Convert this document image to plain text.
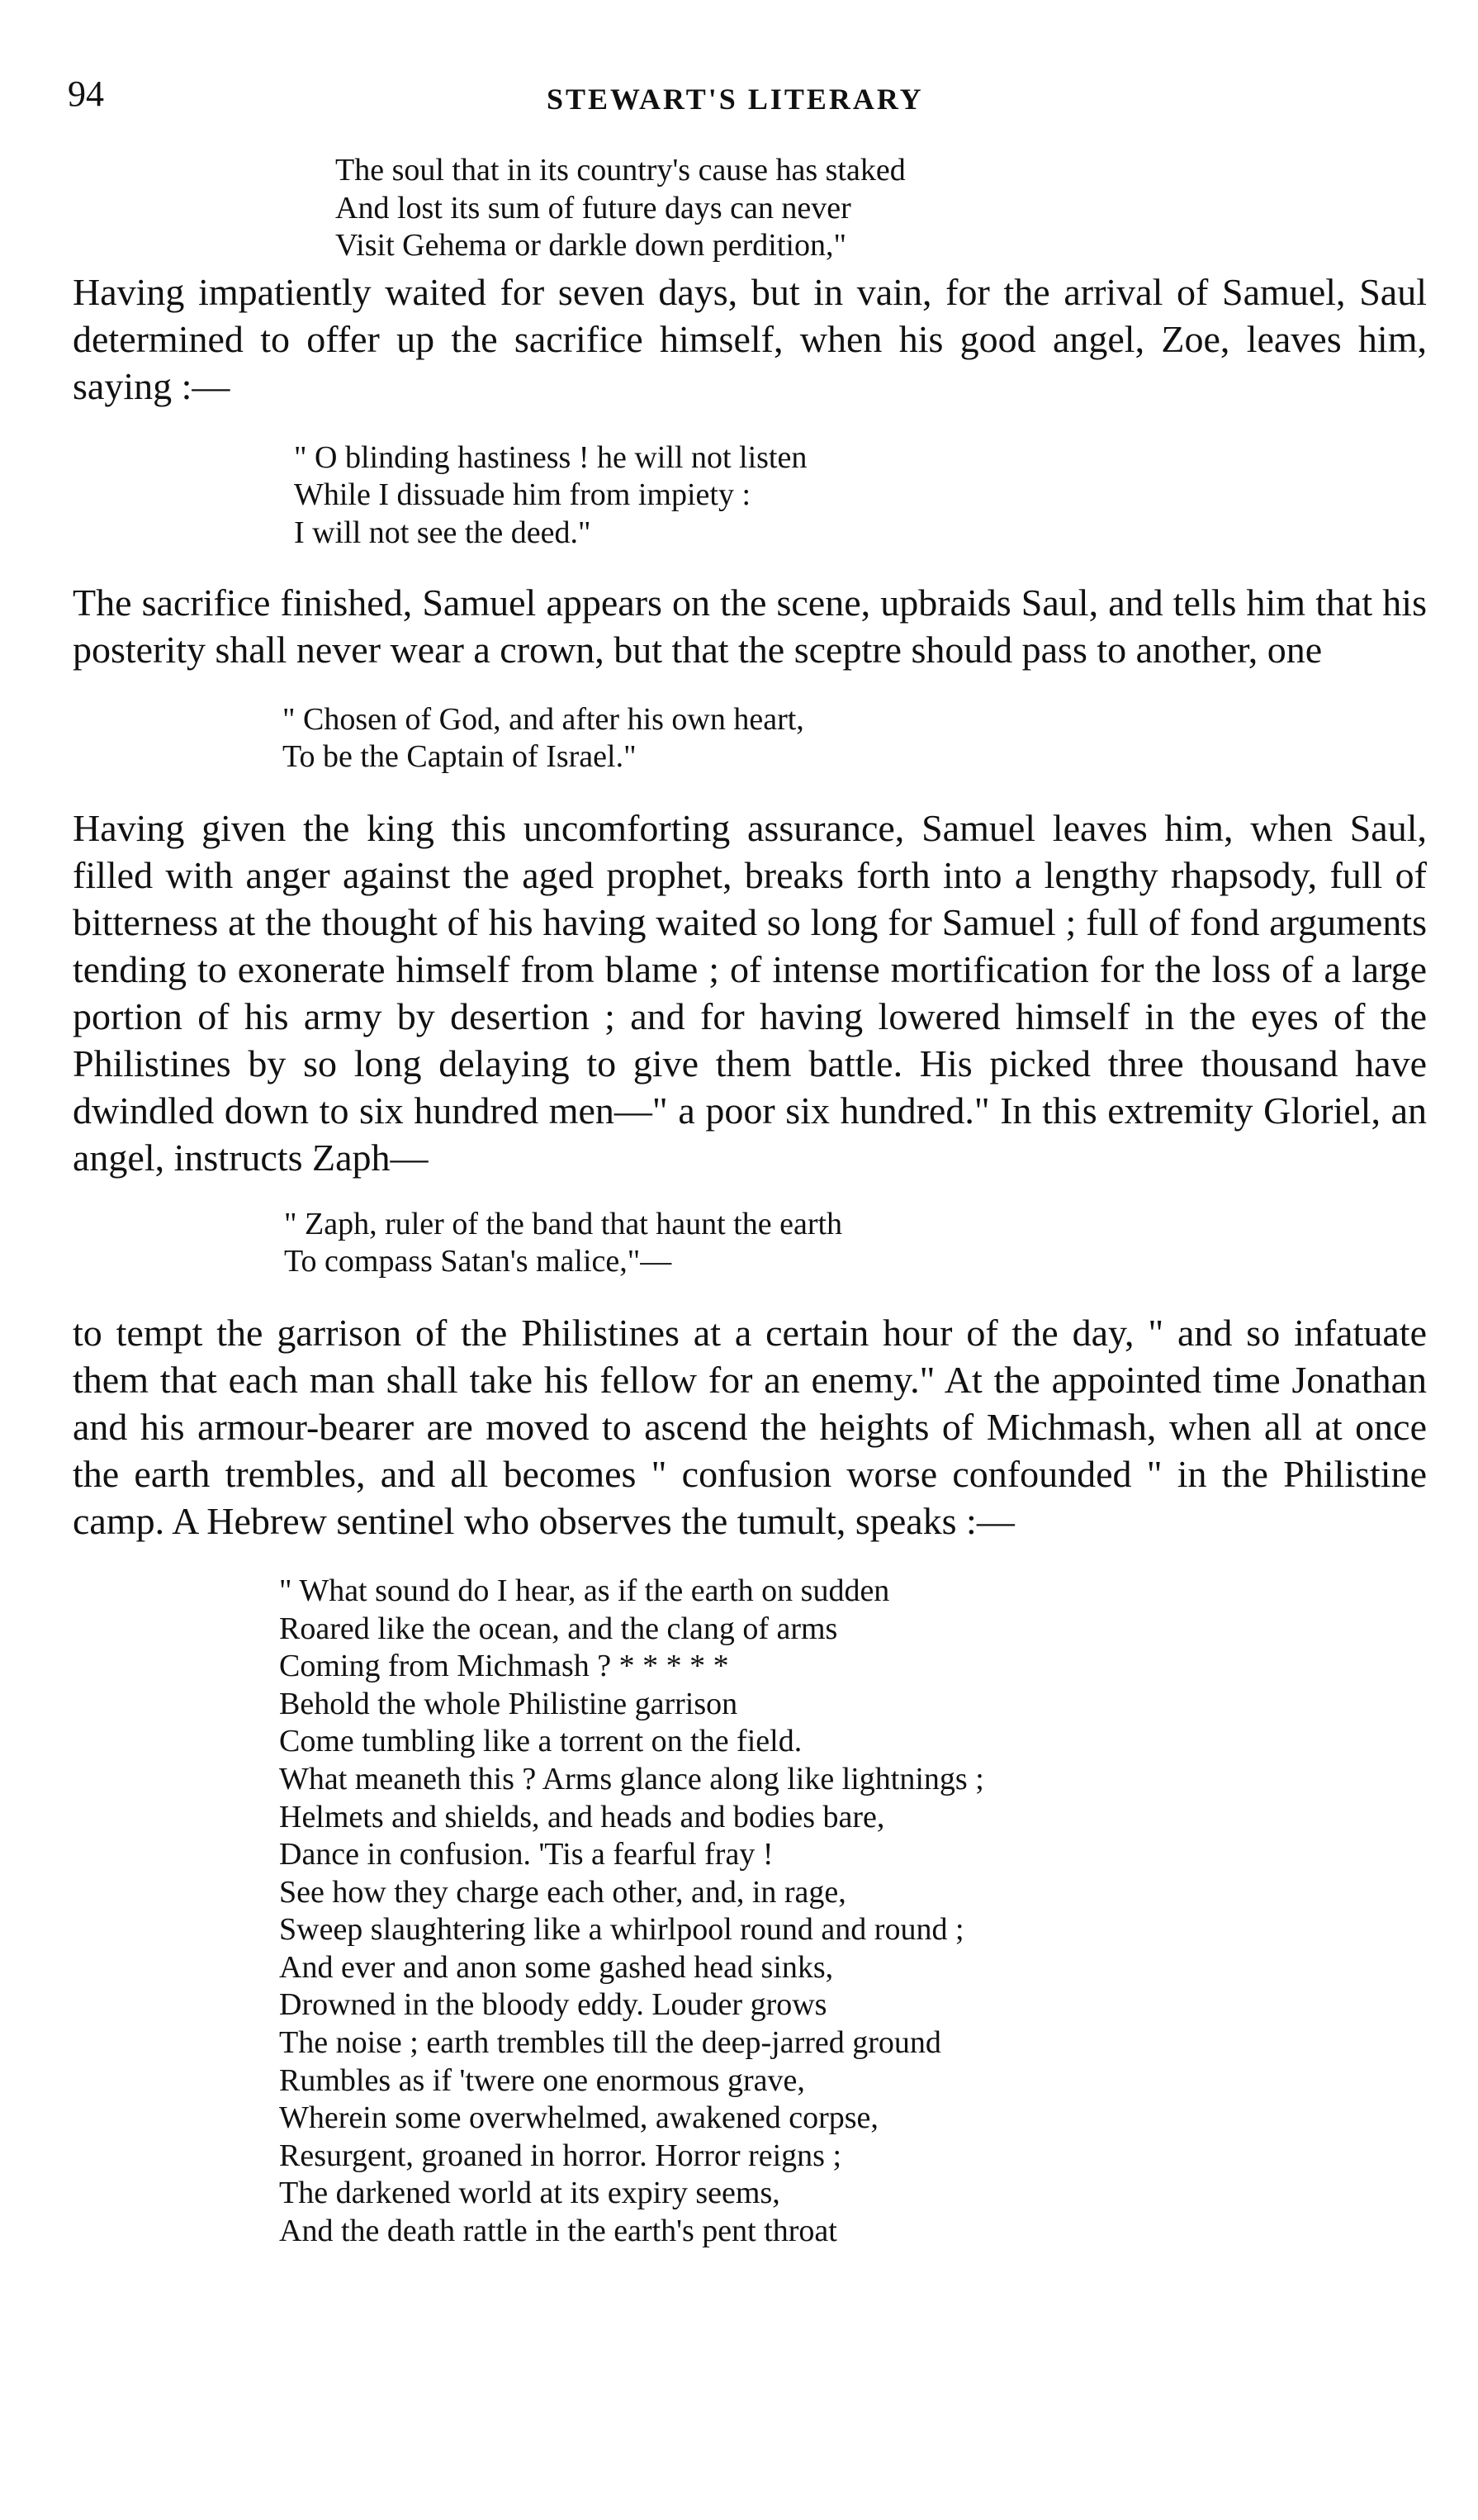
94	STEWART'S LITERARY
The soul that in its country's cause has staked
And lost its sum of future days can never
Visit Gehema or darkle down perdition,"

Having impatiently waited for seven days, but in vain, for the arrival of Samuel, Saul determined to offer up the sacrifice himself, when his good angel, Zoe, leaves him, saying :—

" O blinding hastiness ! he will not listen
While I dissuade him from impiety :
I will not see the deed."

The sacrifice finished, Samuel appears on the scene, upbraids Saul, and tells him that his posterity shall never wear a crown, but that the sceptre should pass to another, one

" Chosen of God, and after his own heart,
To be the Captain of Israel."

Having given the king this uncomforting assurance, Samuel leaves him, when Saul, filled with anger against the aged prophet, breaks forth into a lengthy rhapsody, full of bitterness at the thought of his having waited so long for Samuel ; full of fond arguments tending to exonerate himself from blame ; of intense mortification for the loss of a large portion of his army by desertion ; and for having lowered himself in the eyes of the Philistines by so long delaying to give them battle. His picked three thousand have dwindled down to six hundred men—" a poor six hundred." In this extremity Gloriel, an angel, instructs Zaph—

" Zaph, ruler of the band that haunt the earth
To compass Satan's malice,"—

to tempt the garrison of the Philistines at a certain hour of the day, " and so infatuate them that each man shall take his fellow for an enemy." At the appointed time Jonathan and his armour-bearer are moved to ascend the heights of Michmash, when all at once the earth trembles, and all becomes " confusion worse confounded " in the Philistine camp. A Hebrew sentinel who observes the tumult, speaks :—

" What sound do I hear, as if the earth on sudden
Roared like the ocean, and the clang of arms
Coming from Michmash ? * * * * *
Behold the whole Philistine garrison
Come tumbling like a torrent on the field.
What meaneth this ? Arms glance along like lightnings ;
Helmets and shields, and heads and bodies bare,
Dance in confusion. 'Tis a fearful fray !
See how they charge each other, and, in rage,
Sweep slaughtering like a whirlpool round and round ;
And ever and anon some gashed head sinks,
Drowned in the bloody eddy. Louder grows
The noise ; earth trembles till the deep-jarred ground
Rumbles as if 'twere one enormous grave,
Wherein some overwhelmed, awakened corpse,
Resurgent, groaned in horror. Horror reigns ;
The darkened world at its expiry seems,
And the death rattle in the earth's pent throat
